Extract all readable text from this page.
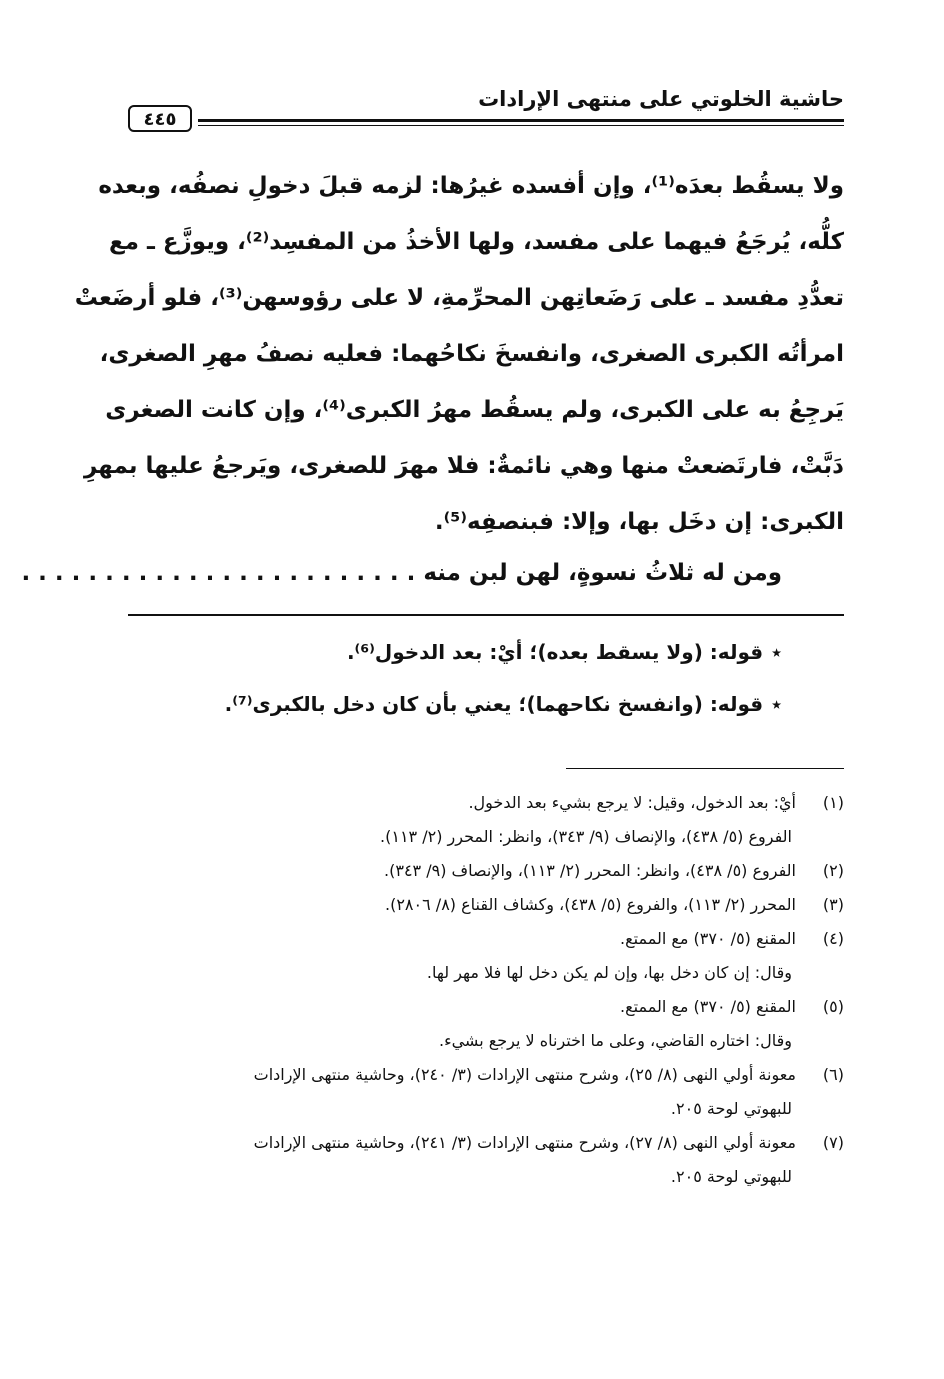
حاشية الخلوتي على منتهى الإرادات
٤٤٥
ولا يسقُط بعدَه⁽¹⁾، وإن أفسده غيرُها: لزمه قبلَ دخولِ نصفُه، وبعده
كلُّه، يُرجَعُ فيهما على مفسد، ولها الأخذُ من المفسِد⁽²⁾، ويوزَّع ـ مع
تعدُّدِ مفسد ـ على رَضَعاتِهن المحرِّمةِ، لا على رؤوسهن⁽³⁾، فلو أرضَعتْ
امرأتُه الكبرى الصغرى، وانفسخَ نكاحُهما: فعليه نصفُ مهرِ الصغرى،
يَرجِعُ به على الكبرى، ولم يسقُط مهرُ الكبرى⁽⁴⁾، وإن كانت الصغرى
دَبَّتْ، فارتَضعتْ منها وهي نائمةٌ: فلا مهرَ للصغرى، ويَرجعُ عليها بمهرِ
الكبرى: إن دخَل بها، وإلا: فبنصفِه⁽⁵⁾.
ومن له ثلاثُ نسوةٍ، لهن لبن منه . . . . . . . . . . . . . . . . . . . . . . . .
٭قوله: (ولا يسقط بعده)؛ أيْ: بعد الدخول⁽⁶⁾.
٭قوله: (وانفسخ نكاحهما)؛ يعني بأن كان دخل بالكبرى⁽⁷⁾.
(١)أيْ: بعد الدخول، وقيل: لا يرجع بشيء بعد الدخول.
الفروع (٥/ ٤٣٨)، والإنصاف (٩/ ٣٤٣)، وانظر: المحرر (٢/ ١١٣).
(٢)الفروع (٥/ ٤٣٨)، وانظر: المحرر (٢/ ١١٣)، والإنصاف (٩/ ٣٤٣).
(٣)المحرر (٢/ ١١٣)، والفروع (٥/ ٤٣٨)، وكشاف القناع (٨/ ٢٨٠٦).
(٤)المقنع (٥/ ٣٧٠) مع الممتع.
وقال: إن كان دخل بها، وإن لم يكن دخل لها فلا مهر لها.
(٥)المقنع (٥/ ٣٧٠) مع الممتع.
وقال: اختاره القاضي، وعلى ما اخترناه لا يرجع بشيء.
(٦)معونة أولي النهى (٨/ ٢٥)، وشرح منتهى الإرادات (٣/ ٢٤٠)، وحاشية منتهى الإرادات
للبهوتي لوحة ٢٠٥.
(٧)معونة أولي النهى (٨/ ٢٧)، وشرح منتهى الإرادات (٣/ ٢٤١)، وحاشية منتهى الإرادات
للبهوتي لوحة ٢٠٥.
